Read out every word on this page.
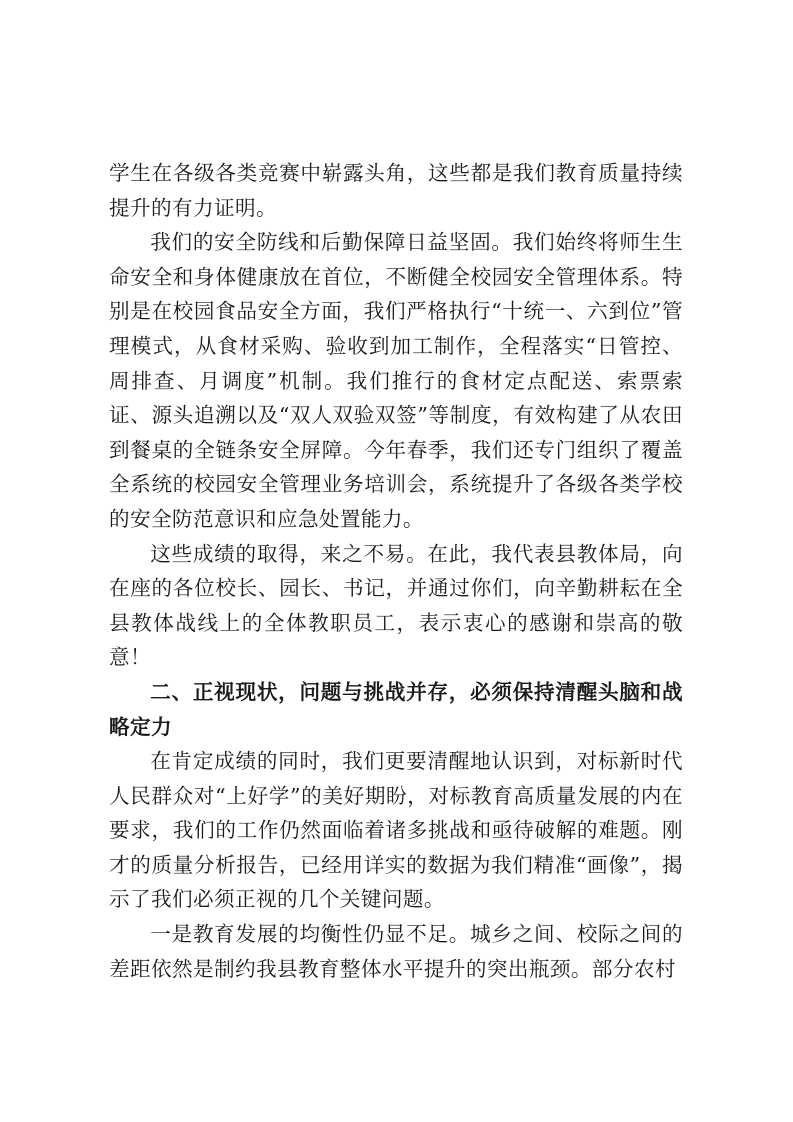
学生在各级各类竞赛中崭露头角，这些都是我们教育质量持续提升的有力证明。

我们的安全防线和后勤保障日益坚固。我们始终将师生生命安全和身体健康放在首位，不断健全校园安全管理体系。特别是在校园食品安全方面，我们严格执行“十统一、六到位”管理模式，从食材采购、验收到加工制作，全程落实“日管控、周排查、月调度”机制。我们推行的食材定点配送、索票索证、源头追溯以及“双人双验双签”等制度，有效构建了从农田到餐桌的全链条安全屏障。今年春季，我们还专门组织了覆盖全系统的校园安全管理业务培训会，系统提升了各级各类学校的安全防范意识和应急处置能力。

这些成绩的取得，来之不易。在此，我代表县教体局，向在座的各位校长、园长、书记，并通过你们，向辛勤耕耘在全县教体战线上的全体教职员工，表示衷心的感谢和崇高的敬意！

二、正视现状，问题与挑战并存，必须保持清醒头脑和战略定力

在肯定成绩的同时，我们更要清醒地认识到，对标新时代人民群众对“上好学”的美好期盼，对标教育高质量发展的内在要求，我们的工作仍然面临着诸多挑战和亟待破解的难题。刚才的质量分析报告，已经用详实的数据为我们精准“画像”，揭示了我们必须正视的几个关键问题。

一是教育发展的均衡性仍显不足。城乡之间、校际之间的差距依然是制约我县教育整体水平提升的突出瓶颈。部分农村
